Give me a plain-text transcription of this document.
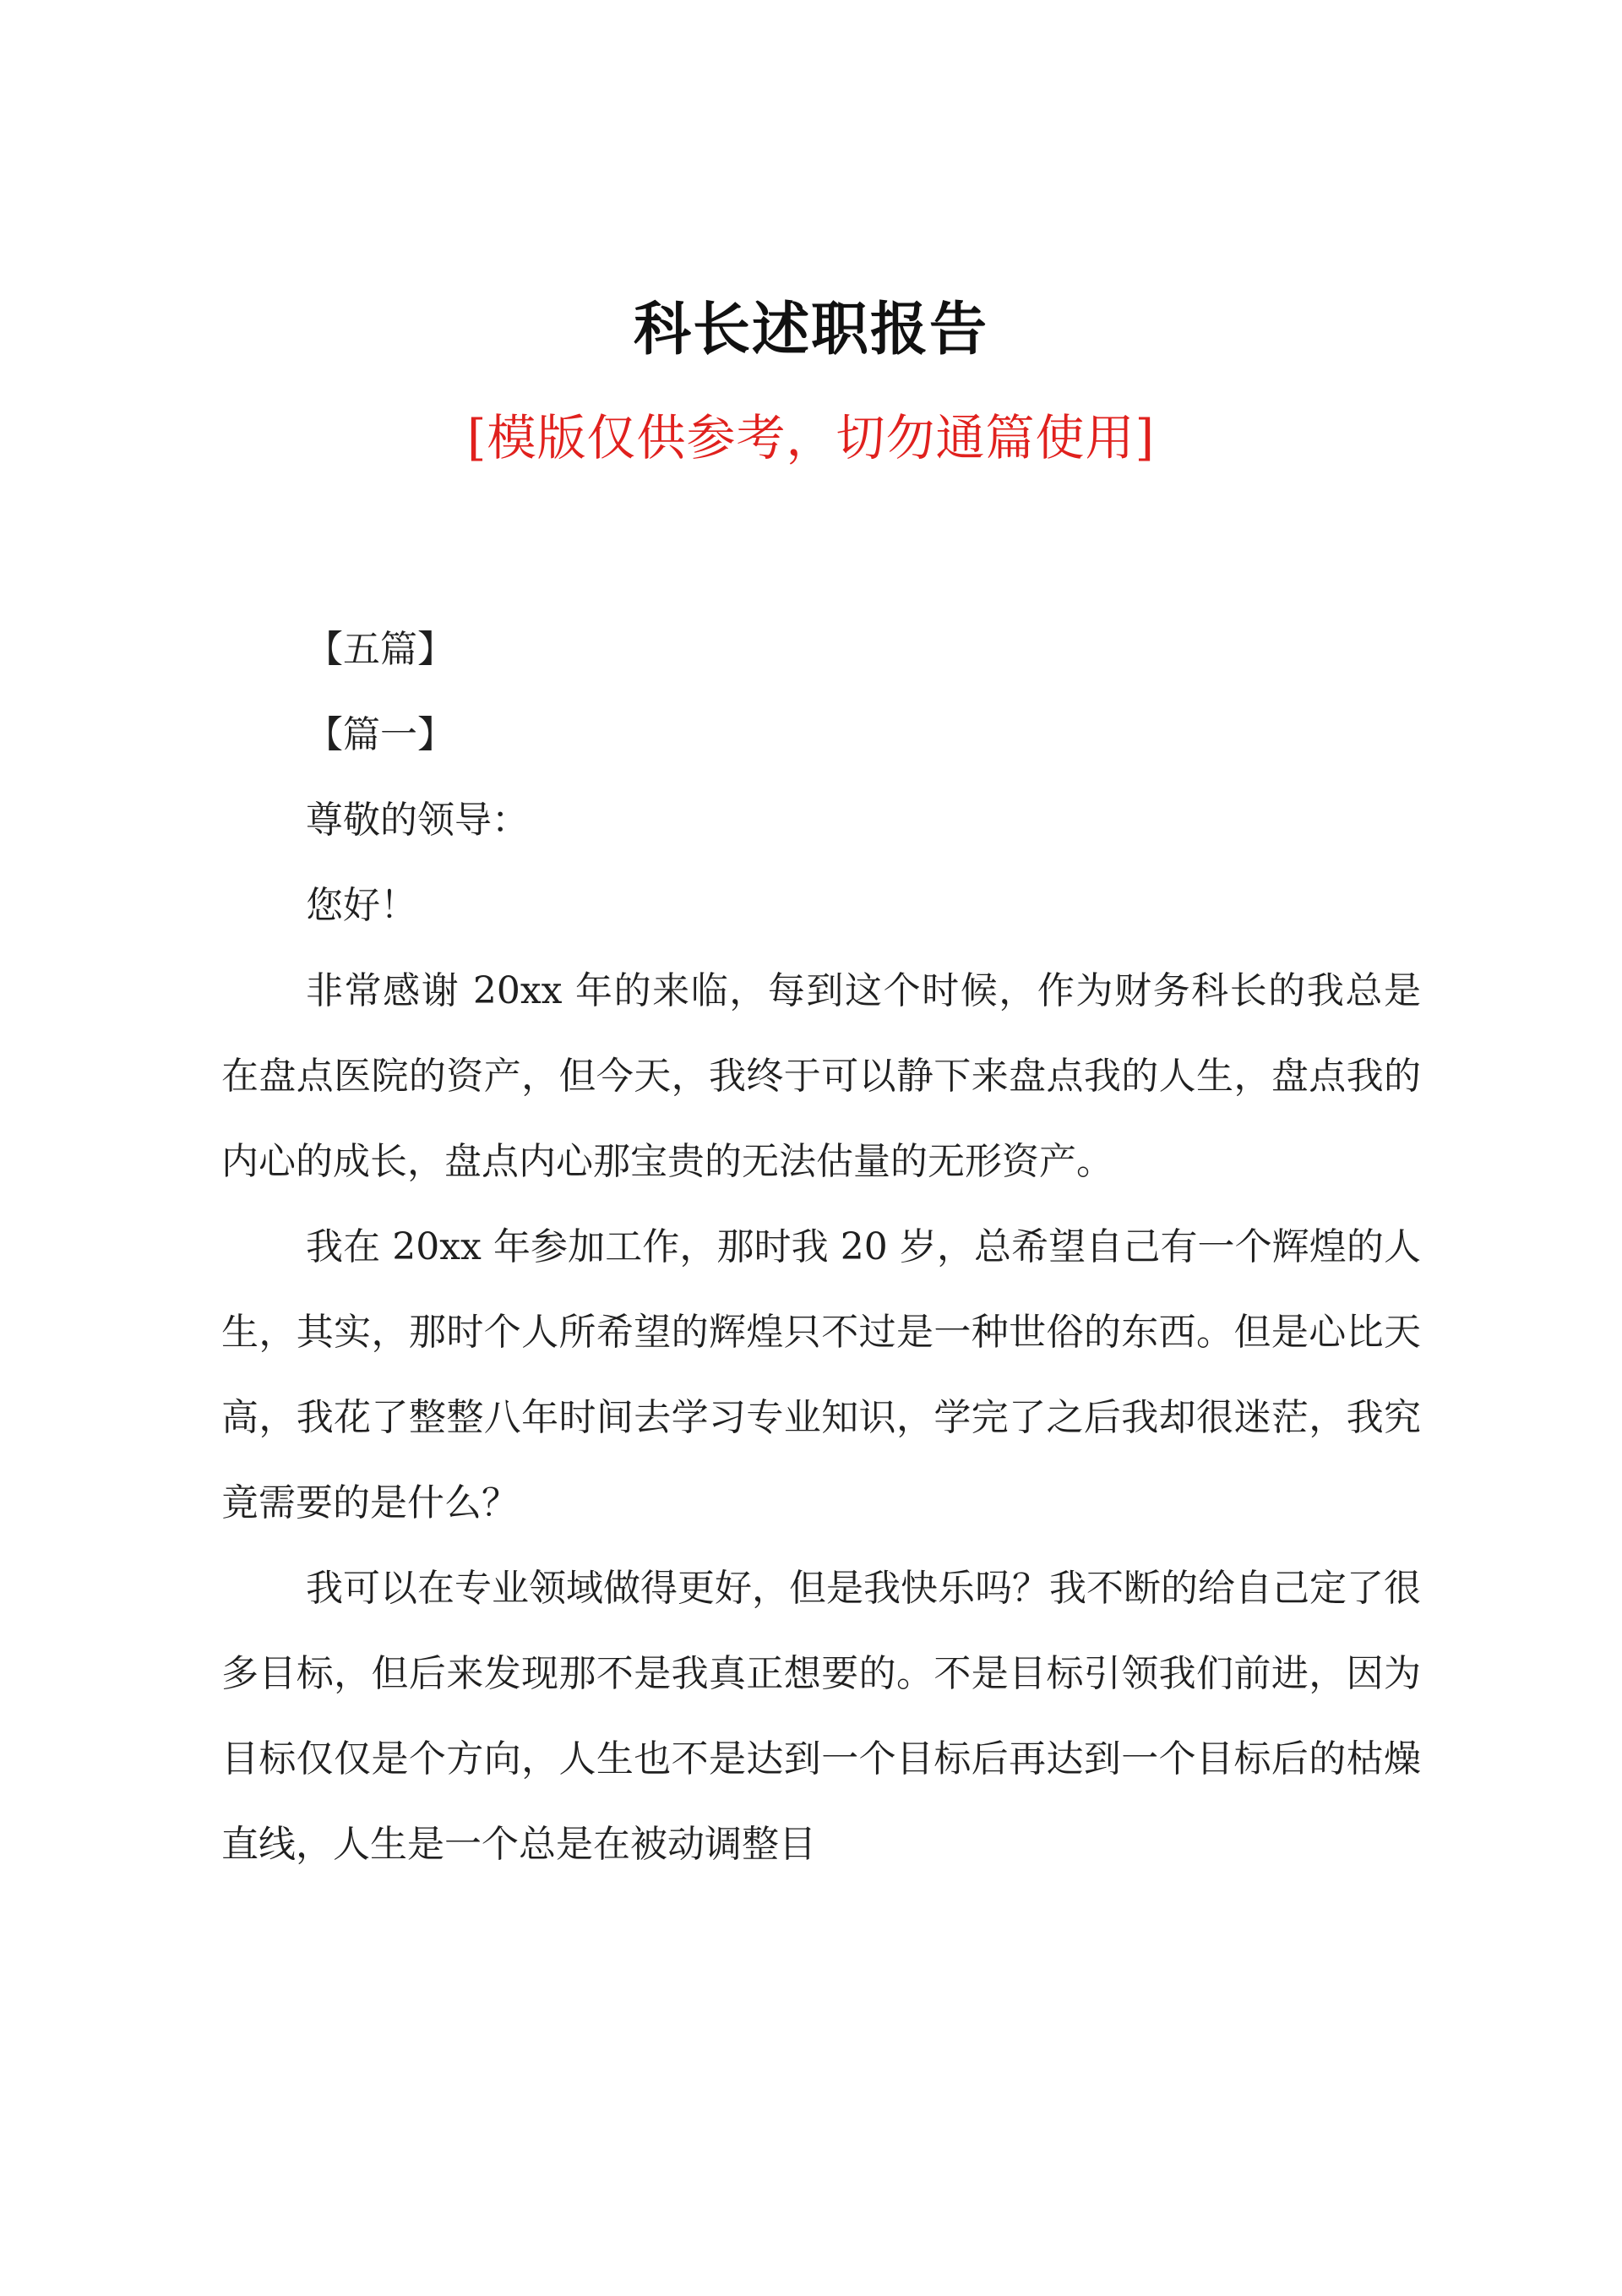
科长述职报告
[模版仅供参考，切勿通篇使用]

【五篇】

【篇一】

尊敬的领导：

您好！

非常感谢 20xx 年的来临，每到这个时候，作为财务科长的我总是在盘点医院的资产，但今天，我终于可以静下来盘点我的人生，盘点我的内心的成长，盘点内心那宝贵的无法估量的无形资产。

我在 20xx 年参加工作，那时我 20 岁，总希望自己有一个辉煌的人生，其实，那时个人所希望的辉煌只不过是一种世俗的东西。但是心比天高，我花了整整八年时间去学习专业知识，学完了之后我却很迷茫，我究竟需要的是什么？

我可以在专业领域做得更好，但是我快乐吗？我不断的给自己定了很多目标，但后来发现那不是我真正想要的。不是目标引领我们前进，因为目标仅仅是个方向，人生也不是达到一个目标后再达到一个目标后的枯燥直线，人生是一个总是在被动调整目
